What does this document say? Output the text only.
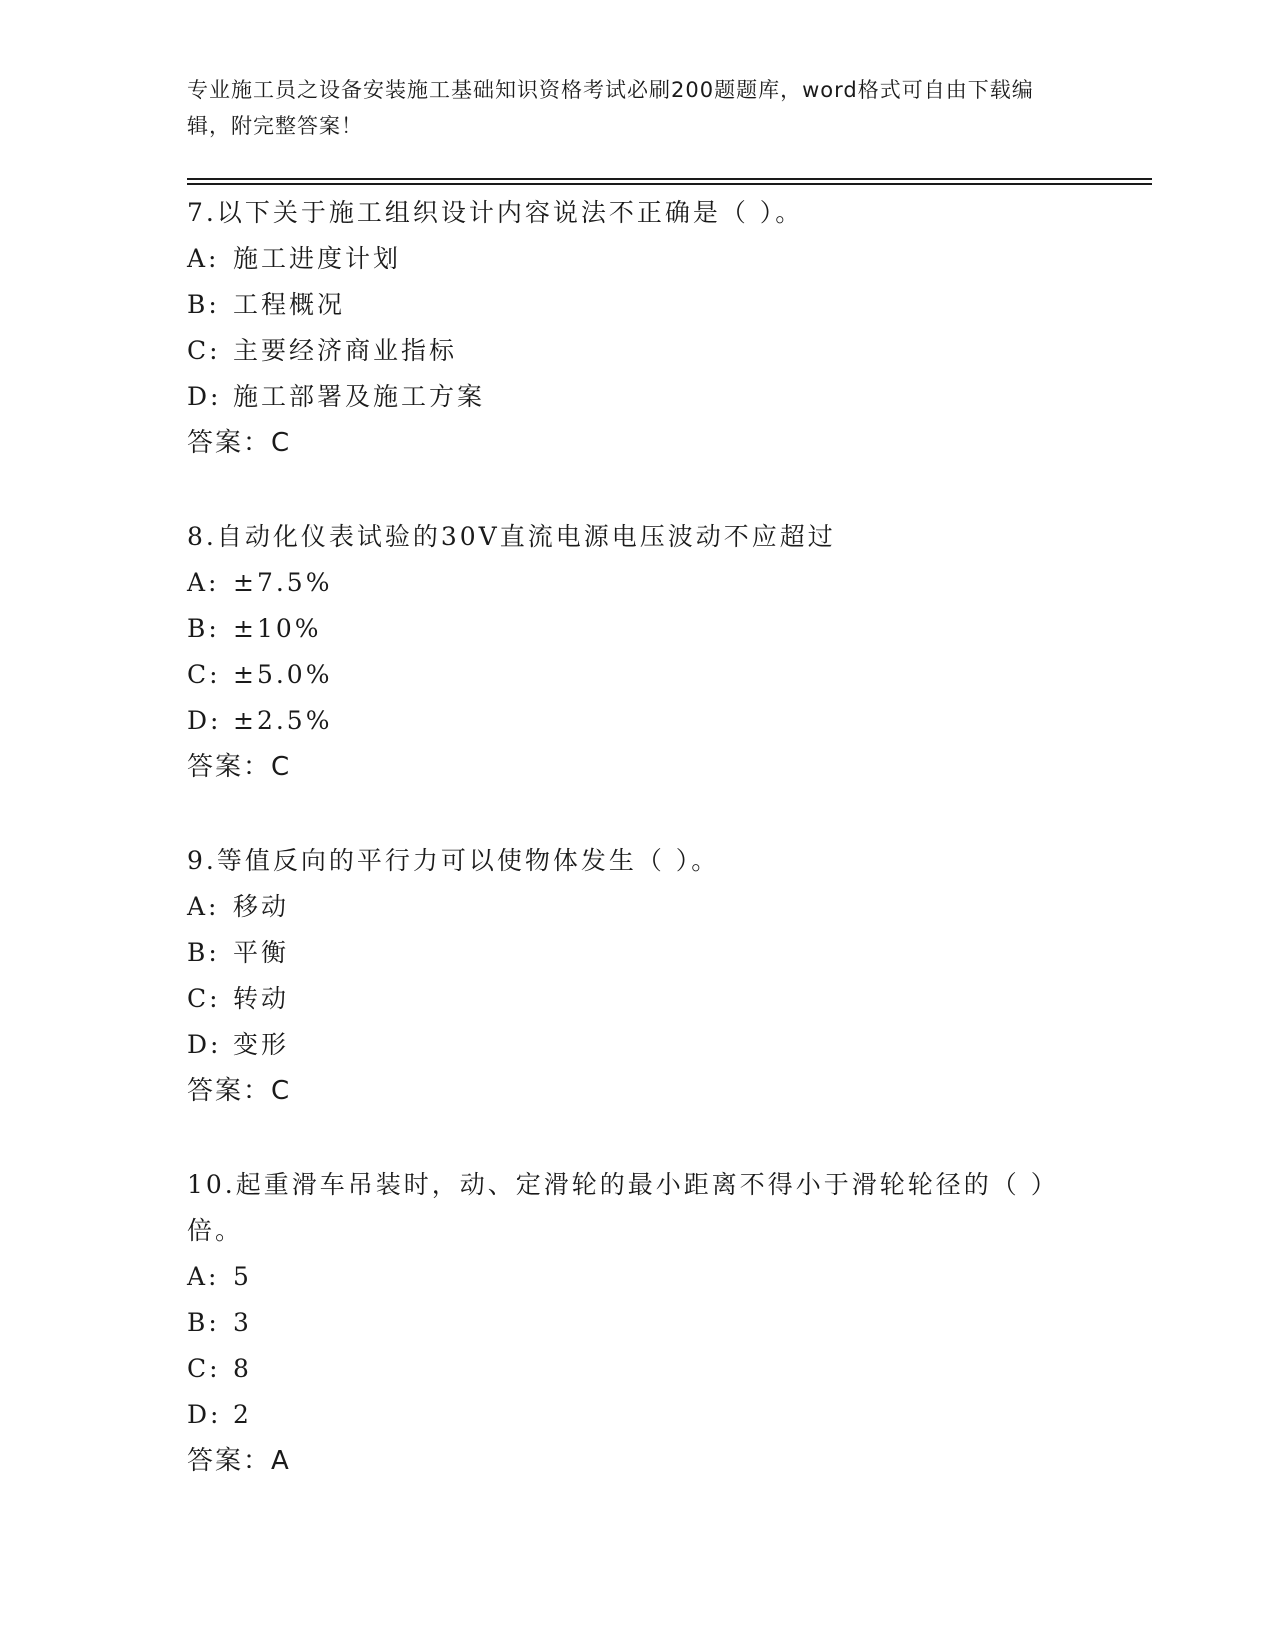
专业施工员之设备安装施工基础知识资格考试必刷200题题库，word格式可自由下载编辑，附完整答案！
7.以下关于施工组织设计内容说法不正确是（ ）。
A: 施工进度计划
B: 工程概况
C: 主要经济商业指标
D: 施工部署及施工方案
答案：C
8.自动化仪表试验的30V直流电源电压波动不应超过
A: ±7.5%
B: ±10%
C: ±5.0%
D: ±2.5%
答案：C
9.等值反向的平行力可以使物体发生（ ）。
A: 移动
B: 平衡
C: 转动
D: 变形
答案：C
10.起重滑车吊装时，动、定滑轮的最小距离不得小于滑轮轮径的（ ）倍。
A: 5
B: 3
C: 8
D: 2
答案：A
